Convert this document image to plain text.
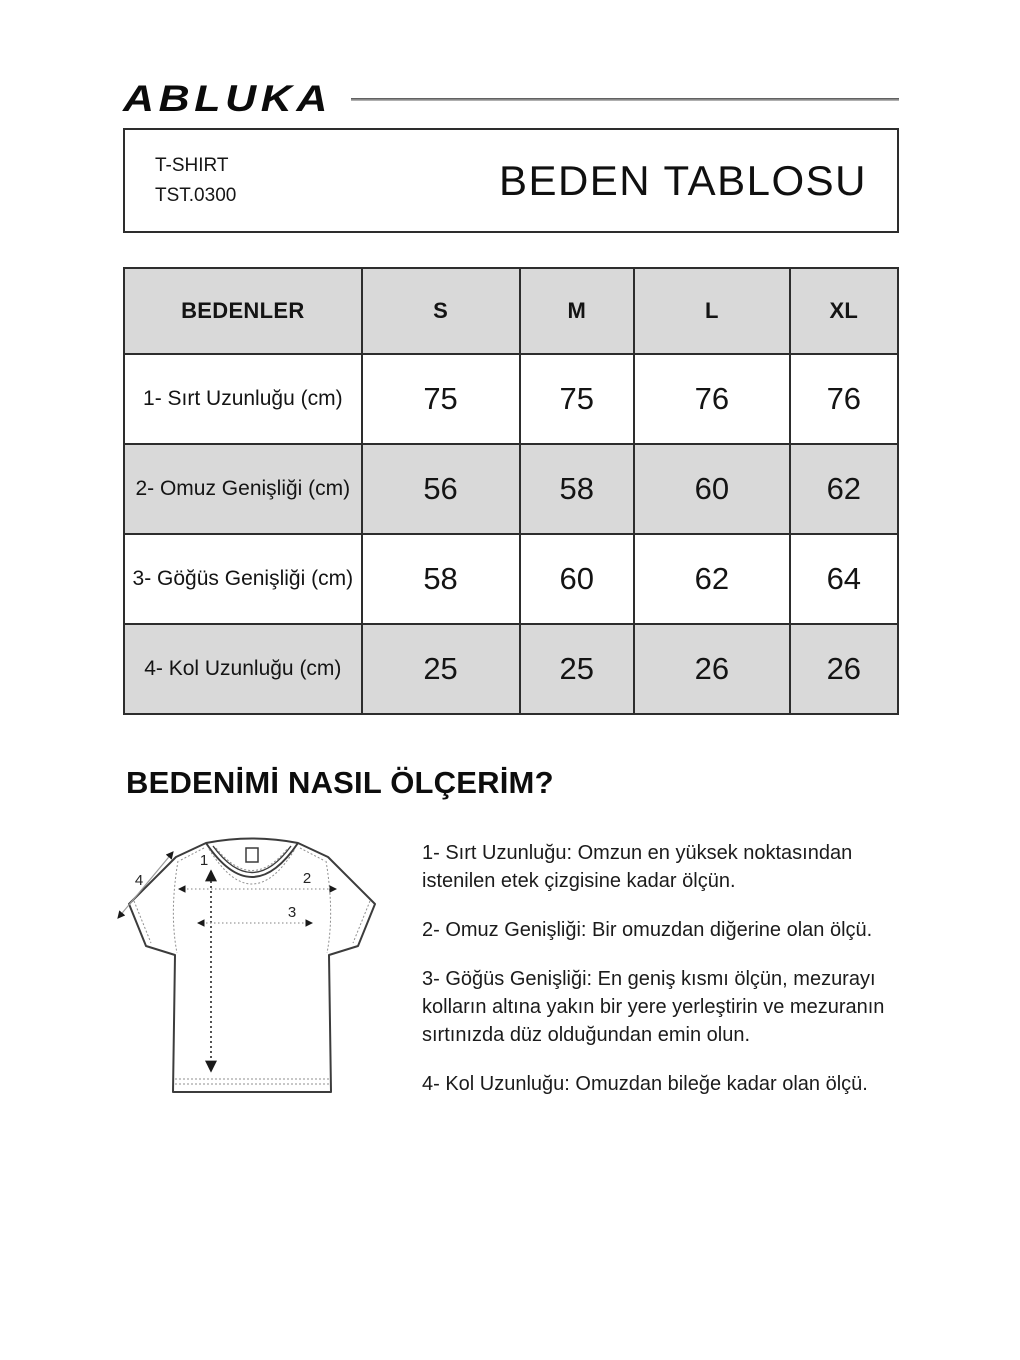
ABLUKA
T-SHIRT
TST.0300	BEDEN TABLOSU
BEDENLER	S	M	L	XL
1- Sırt Uzunluğu (cm)	75	75	76	76
2- Omuz Genişliği (cm)	56	58	60	62
3- Göğüs Genişliği (cm)	58	60	62	64
4- Kol Uzunluğu (cm)	25	25	26	26
BEDENİMİ NASIL ÖLÇERİM?
1
2
3
4

1- Sırt Uzunluğu: Omzun en yüksek noktasından istenilen etek çizgisine kadar ölçün.

2- Omuz Genişliği: Bir omuzdan diğerine olan ölçü.

3- Göğüs Genişliği: En geniş kısmı ölçün, mezurayı kolların altına yakın bir yere yerleştirin ve mezuranın sırtınızda düz olduğundan emin olun.

4- Kol Uzunluğu: Omuzdan bileğe kadar olan ölçü.
